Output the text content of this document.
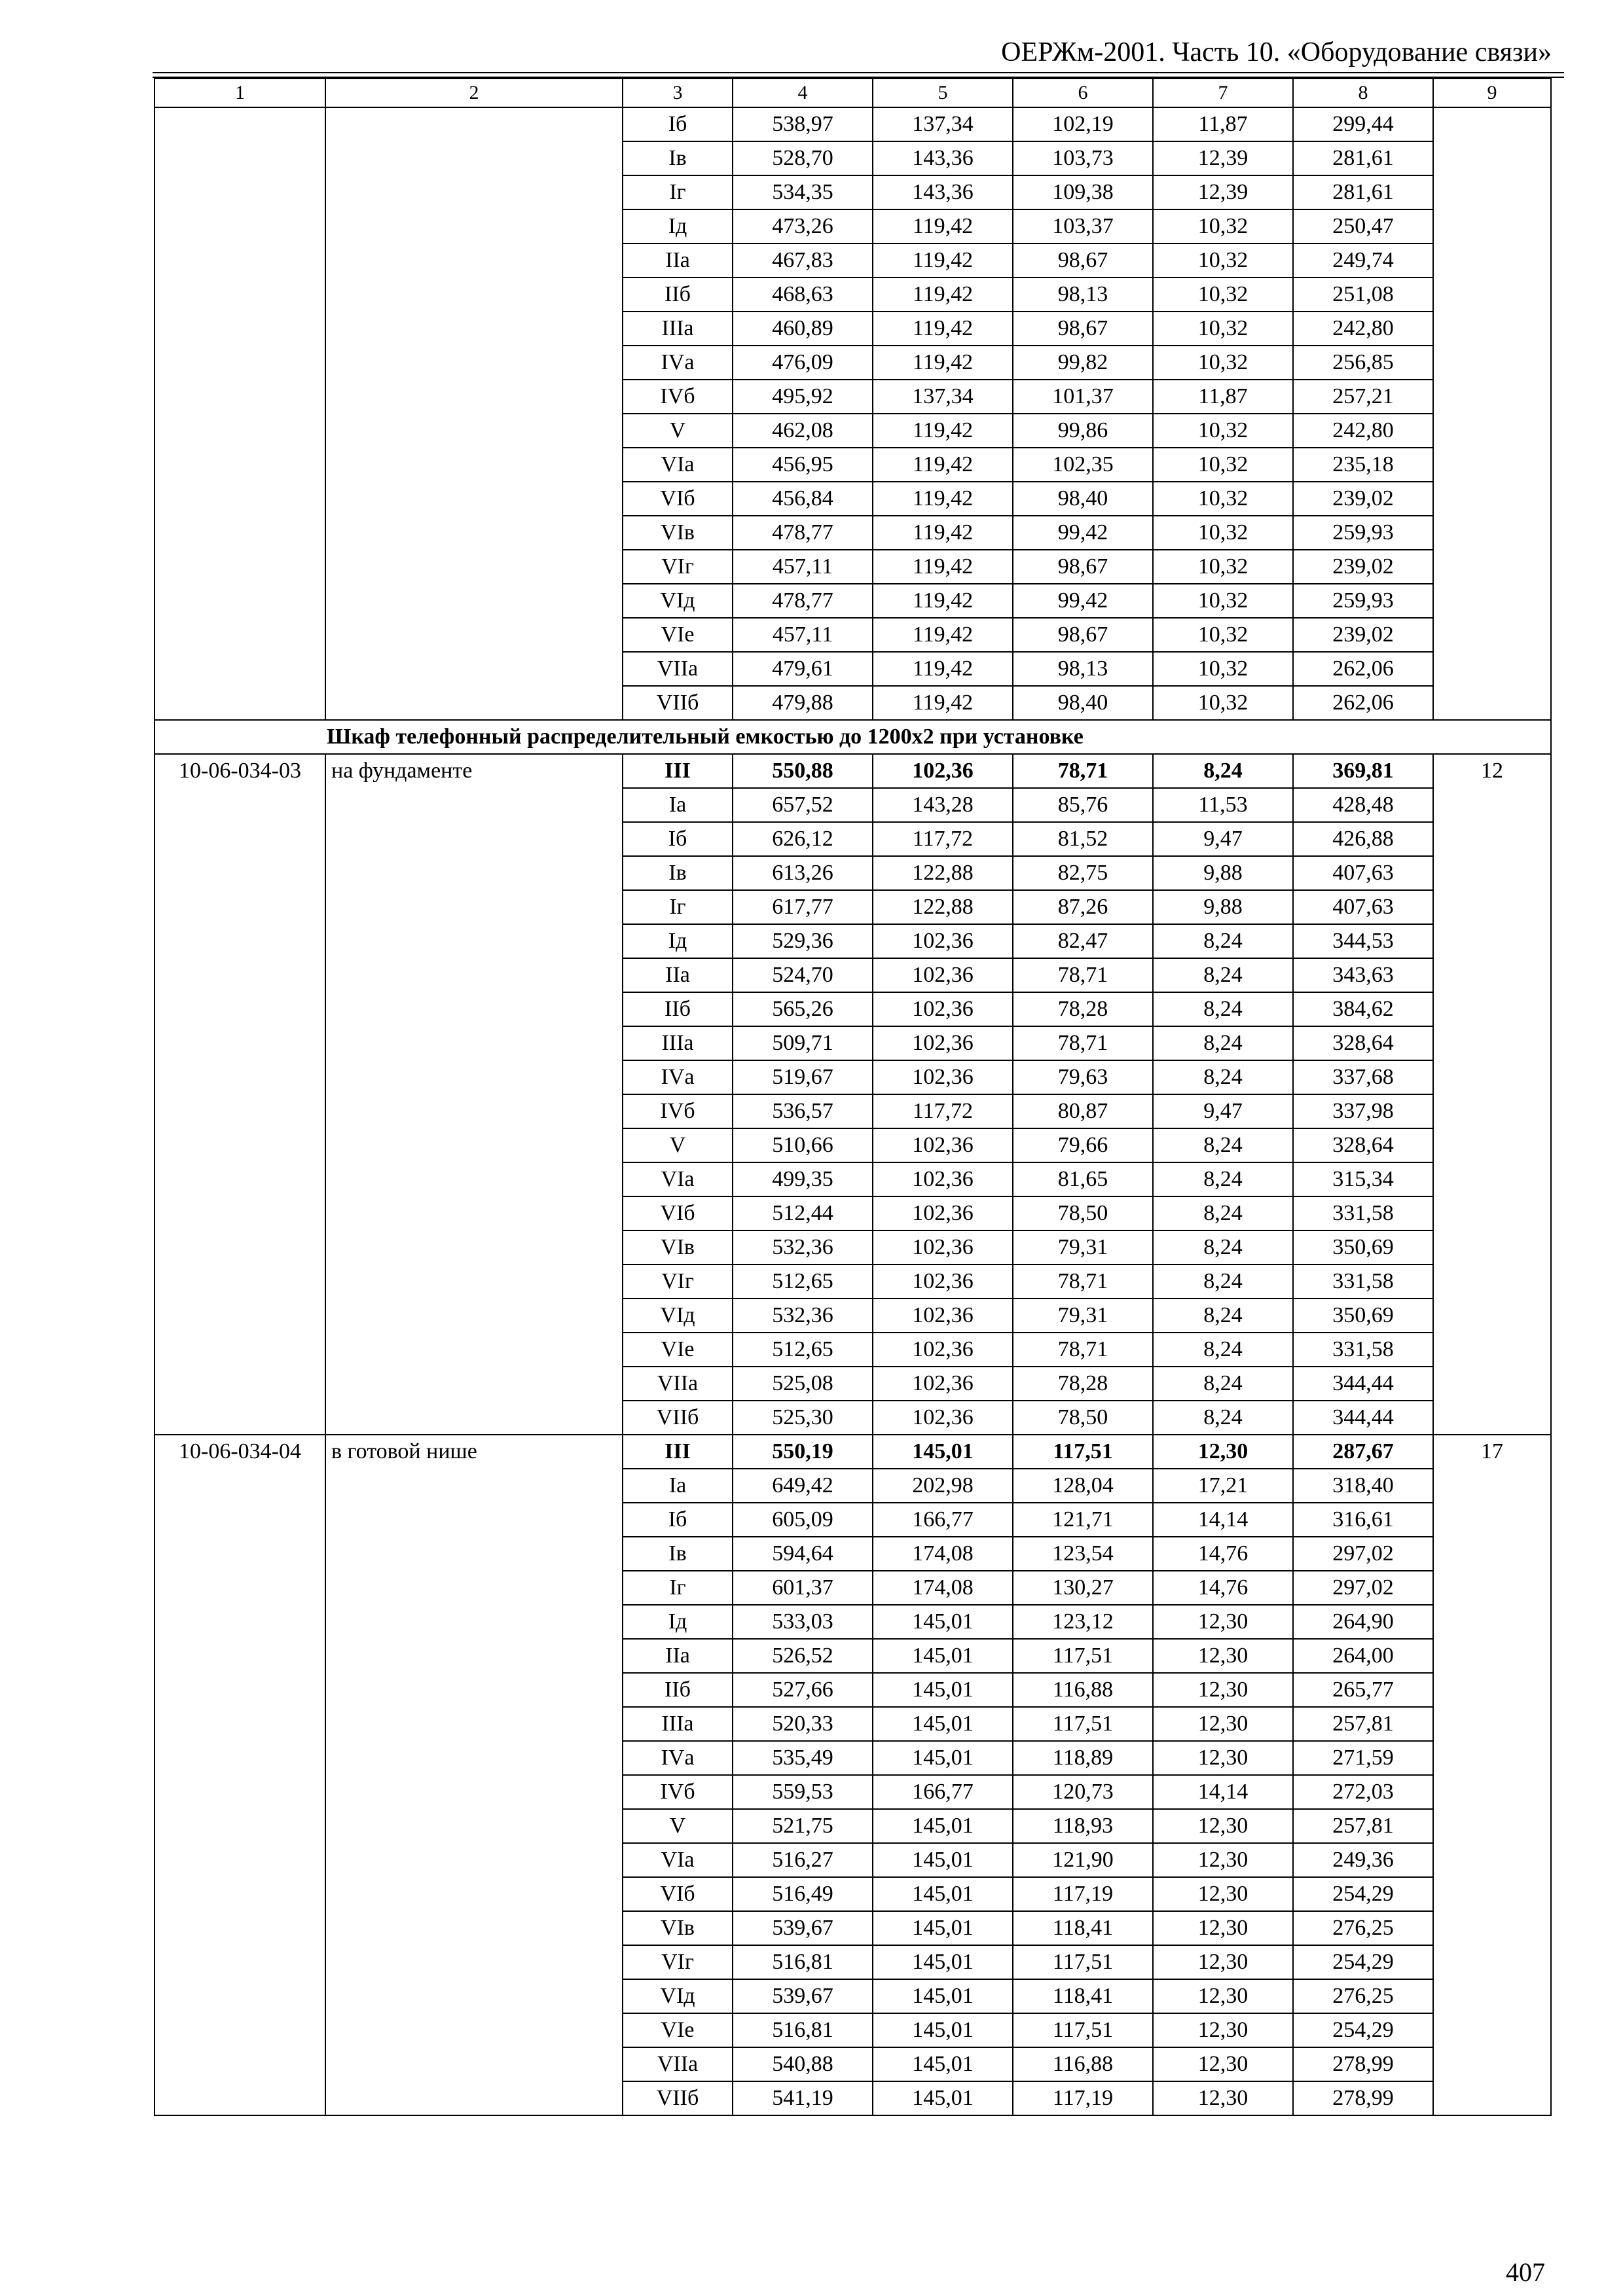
ОЕРЖм-2001. Часть 10. «Оборудование связи»
1	2	3	4	5	6	7	8	9
		Iб	538,97	137,34	102,19	11,87	299,44	
		Iв	528,70	143,36	103,73	12,39	281,61	
		Iг	534,35	143,36	109,38	12,39	281,61	
		Iд	473,26	119,42	103,37	10,32	250,47	
		IIа	467,83	119,42	98,67	10,32	249,74	
		IIб	468,63	119,42	98,13	10,32	251,08	
		IIIа	460,89	119,42	98,67	10,32	242,80	
		IVа	476,09	119,42	99,82	10,32	256,85	
		IVб	495,92	137,34	101,37	11,87	257,21	
		V	462,08	119,42	99,86	10,32	242,80	
		VIа	456,95	119,42	102,35	10,32	235,18	
		VIб	456,84	119,42	98,40	10,32	239,02	
		VIв	478,77	119,42	99,42	10,32	259,93	
		VIг	457,11	119,42	98,67	10,32	239,02	
		VIд	478,77	119,42	99,42	10,32	259,93	
		VIе	457,11	119,42	98,67	10,32	239,02	
		VIIа	479,61	119,42	98,13	10,32	262,06	
		VIIб	479,88	119,42	98,40	10,32	262,06	
Шкаф телефонный распределительный емкостью до 1200х2 при установке								
10-06-034-03	на фундаменте	III	550,88	102,36	78,71	8,24	369,81	12
		Iа	657,52	143,28	85,76	11,53	428,48	
		Iб	626,12	117,72	81,52	9,47	426,88	
		Iв	613,26	122,88	82,75	9,88	407,63	
		Iг	617,77	122,88	87,26	9,88	407,63	
		Iд	529,36	102,36	82,47	8,24	344,53	
		IIа	524,70	102,36	78,71	8,24	343,63	
		IIб	565,26	102,36	78,28	8,24	384,62	
		IIIа	509,71	102,36	78,71	8,24	328,64	
		IVа	519,67	102,36	79,63	8,24	337,68	
		IVб	536,57	117,72	80,87	9,47	337,98	
		V	510,66	102,36	79,66	8,24	328,64	
		VIа	499,35	102,36	81,65	8,24	315,34	
		VIб	512,44	102,36	78,50	8,24	331,58	
		VIв	532,36	102,36	79,31	8,24	350,69	
		VIг	512,65	102,36	78,71	8,24	331,58	
		VIд	532,36	102,36	79,31	8,24	350,69	
		VIе	512,65	102,36	78,71	8,24	331,58	
		VIIа	525,08	102,36	78,28	8,24	344,44	
		VIIб	525,30	102,36	78,50	8,24	344,44	
10-06-034-04	в готовой нише	III	550,19	145,01	117,51	12,30	287,67	17
		Iа	649,42	202,98	128,04	17,21	318,40	
		Iб	605,09	166,77	121,71	14,14	316,61	
		Iв	594,64	174,08	123,54	14,76	297,02	
		Iг	601,37	174,08	130,27	14,76	297,02	
		Iд	533,03	145,01	123,12	12,30	264,90	
		IIа	526,52	145,01	117,51	12,30	264,00	
		IIб	527,66	145,01	116,88	12,30	265,77	
		IIIа	520,33	145,01	117,51	12,30	257,81	
		IVа	535,49	145,01	118,89	12,30	271,59	
		IVб	559,53	166,77	120,73	14,14	272,03	
		V	521,75	145,01	118,93	12,30	257,81	
		VIа	516,27	145,01	121,90	12,30	249,36	
		VIб	516,49	145,01	117,19	12,30	254,29	
		VIв	539,67	145,01	118,41	12,30	276,25	
		VIг	516,81	145,01	117,51	12,30	254,29	
		VIд	539,67	145,01	118,41	12,30	276,25	
		VIе	516,81	145,01	117,51	12,30	254,29	
		VIIа	540,88	145,01	116,88	12,30	278,99	
		VIIб	541,19	145,01	117,19	12,30	278,99	
407
